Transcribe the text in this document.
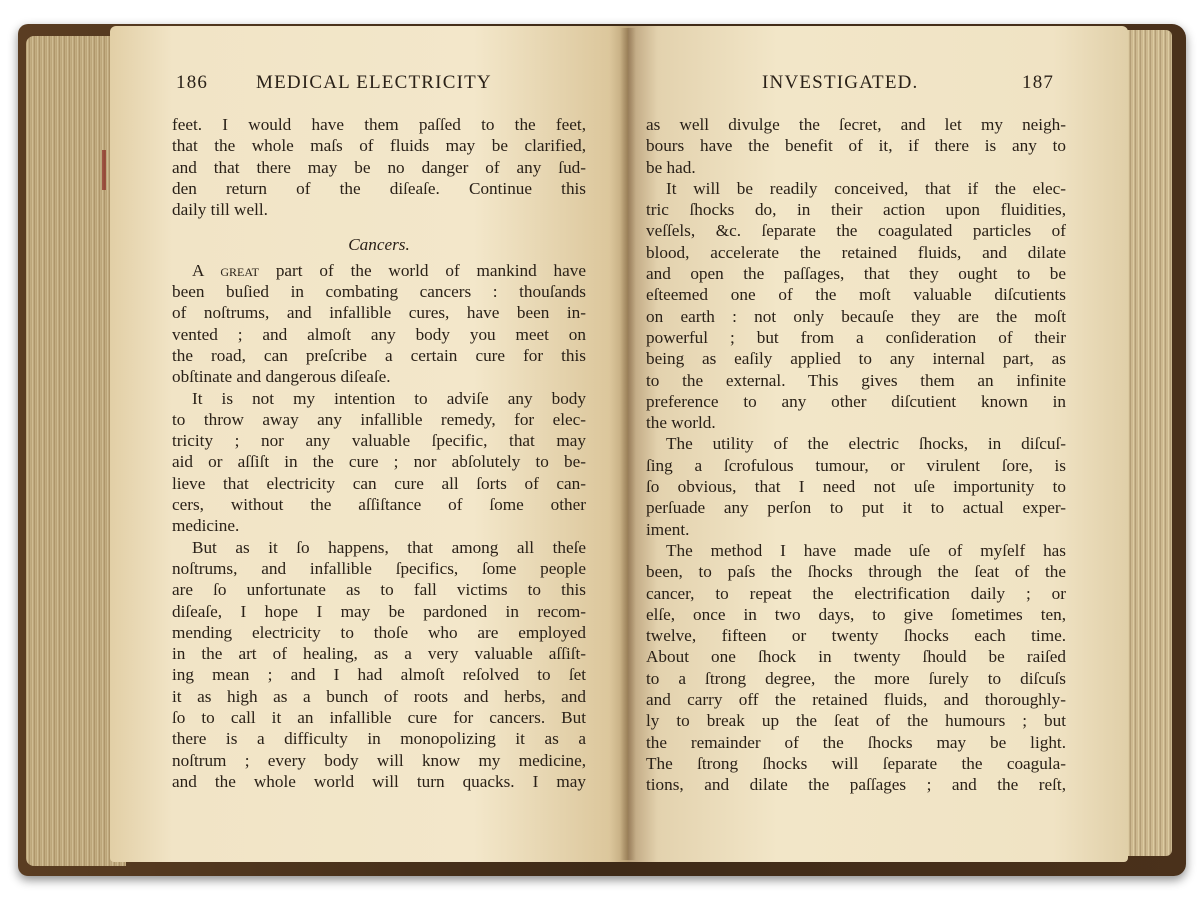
186	MEDICAL ELECTRICITY
feet. I would have them paſſed to the feet,
that the whole maſs of fluids may be clarified,
and that there may be no danger of any ſud-
den return of the diſeaſe. Continue this
daily till well.
Cancers.
A great part of the world of mankind have
been buſied in combating cancers : thouſands
of noſtrums, and infallible cures, have been in-
vented ; and almoſt any body you meet on
the road, can preſcribe a certain cure for this
obſtinate and dangerous diſeaſe.
It is not my intention to adviſe any body
to throw away any infallible remedy, for elec-
tricity ; nor any valuable ſpecific, that may
aid or aſſiſt in the cure ; nor abſolutely to be-
lieve that electricity can cure all ſorts of can-
cers, without the aſſiſtance of ſome other
medicine.
But as it ſo happens, that among all theſe
noſtrums, and infallible ſpecifics, ſome people
are ſo unfortunate as to fall victims to this
diſeaſe, I hope I may be pardoned in recom-
mending electricity to thoſe who are employed
in the art of healing, as a very valuable aſſiſt-
ing mean ; and I had almoſt reſolved to ſet
it as high as a bunch of roots and herbs, and
ſo to call it an infallible cure for cancers. But
there is a difficulty in monopolizing it as a
noſtrum ; every body will know my medicine,
and the whole world will turn quacks. I may
INVESTIGATED.	187
as well divulge the ſecret, and let my neigh-
bours have the benefit of it, if there is any to
be had.
It will be readily conceived, that if the elec-
tric ſhocks do, in their action upon fluidities,
veſſels, &c. ſeparate the coagulated particles of
blood, accelerate the retained fluids, and dilate
and open the paſſages, that they ought to be
eſteemed one of the moſt valuable diſcutients
on earth : not only becauſe they are the moſt
powerful ; but from a conſideration of their
being as eaſily applied to any internal part, as
to the external. This gives them an infinite
preference to any other diſcutient known in
the world.
The utility of the electric ſhocks, in diſcuſ-
ſing a ſcrofulous tumour, or virulent ſore, is
ſo obvious, that I need not uſe importunity to
perſuade any perſon to put it to actual exper-
iment.
The method I have made uſe of myſelf has
been, to paſs the ſhocks through the ſeat of the
cancer, to repeat the electrification daily ; or
elſe, once in two days, to give ſometimes ten,
twelve, fifteen or twenty ſhocks each time.
About one ſhock in twenty ſhould be raiſed
to a ſtrong degree, the more ſurely to diſcuſs
and carry off the retained fluids, and thoroughly-
ly to break up the ſeat of the humours ; but
the remainder of the ſhocks may be light.
The ſtrong ſhocks will ſeparate the coagula-
tions, and dilate the paſſages ; and the reſt,
